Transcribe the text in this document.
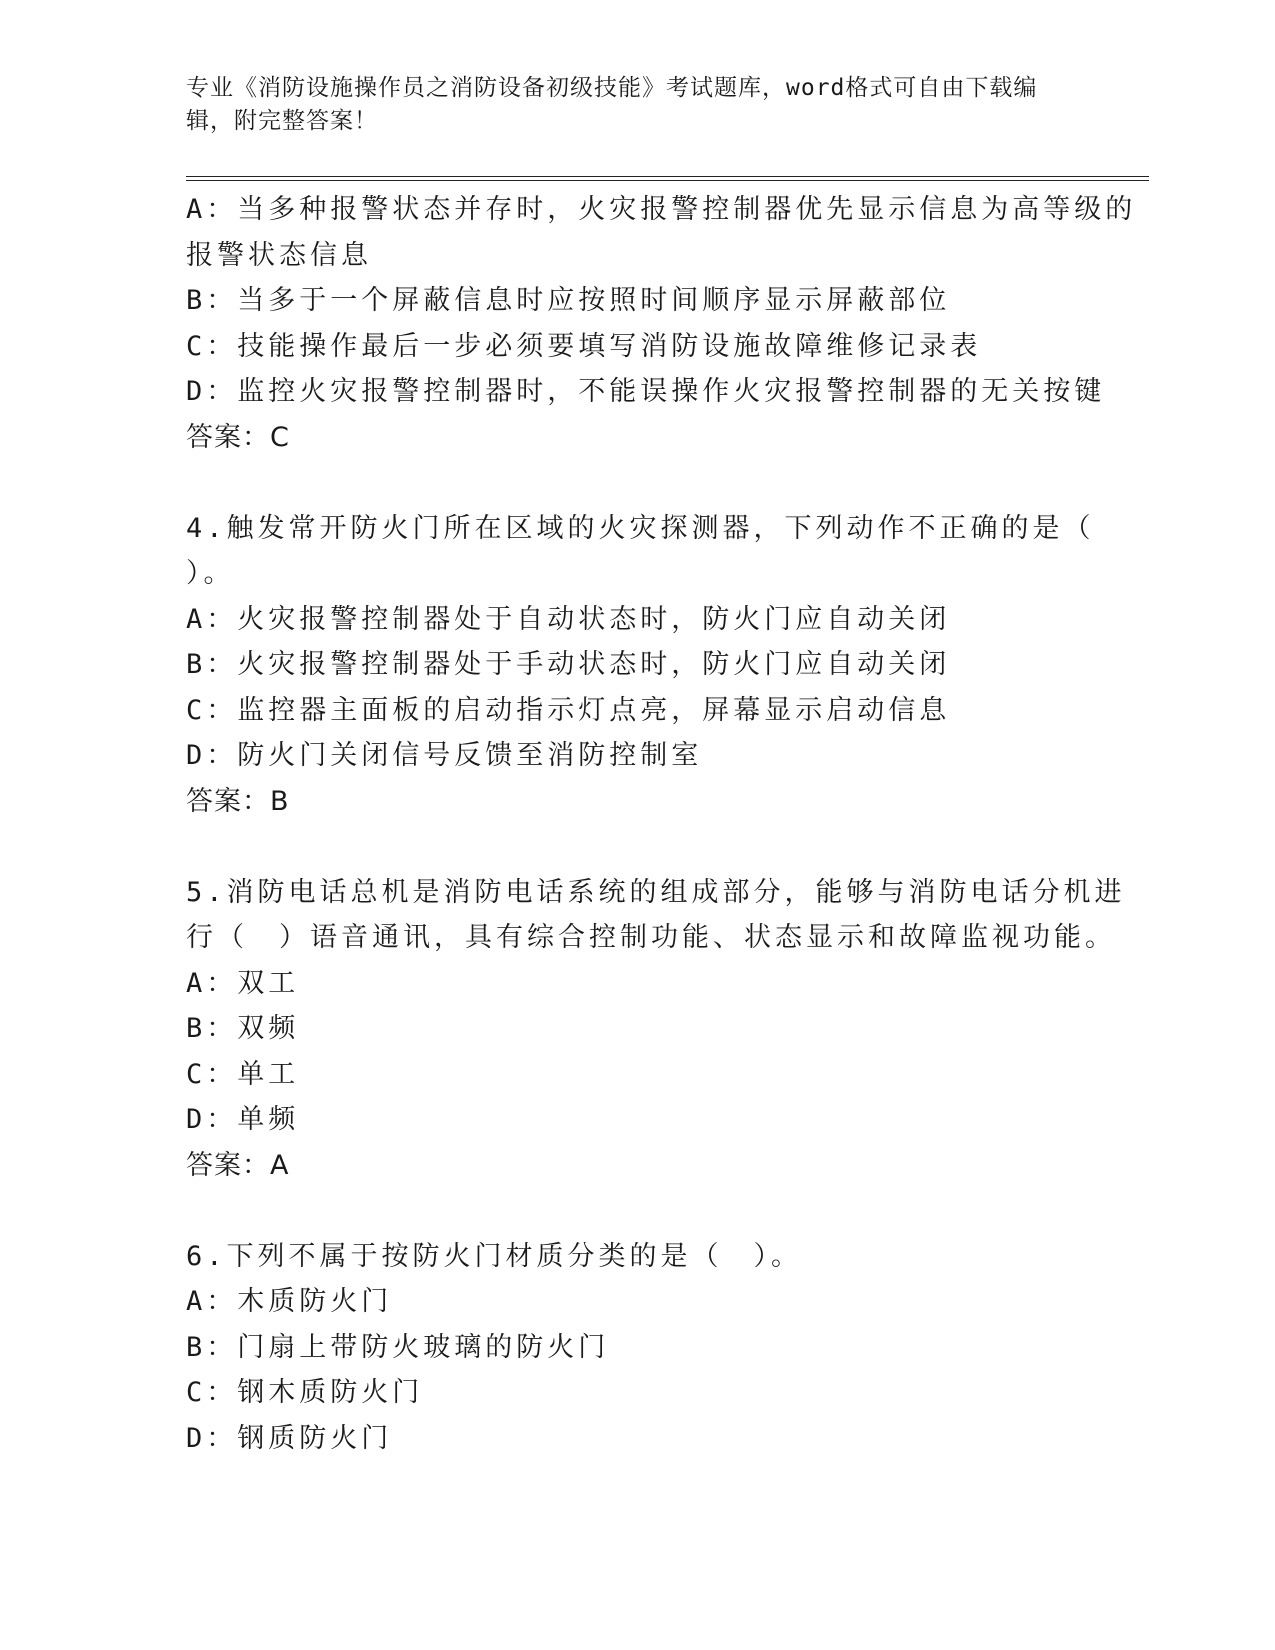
专业《消防设施操作员之消防设备初级技能》考试题库，word格式可自由下载编
辑，附完整答案！
A：当多种报警状态并存时，火灾报警控制器优先显示信息为高等级的
报警状态信息
B：当多于一个屏蔽信息时应按照时间顺序显示屏蔽部位
C：技能操作最后一步必须要填写消防设施故障维修记录表
D：监控火灾报警控制器时，不能误操作火灾报警控制器的无关按键
答案：C
4.触发常开防火门所在区域的火灾探测器，下列动作不正确的是（
）。
A：火灾报警控制器处于自动状态时，防火门应自动关闭
B：火灾报警控制器处于手动状态时，防火门应自动关闭
C：监控器主面板的启动指示灯点亮，屏幕显示启动信息
D：防火门关闭信号反馈至消防控制室
答案：B
5.消防电话总机是消防电话系统的组成部分，能够与消防电话分机进
行（　）语音通讯，具有综合控制功能、状态显示和故障监视功能。
A：双工
B：双频
C：单工
D：单频
答案：A
6.下列不属于按防火门材质分类的是（　）。
A：木质防火门
B：门扇上带防火玻璃的防火门
C：钢木质防火门
D：钢质防火门
